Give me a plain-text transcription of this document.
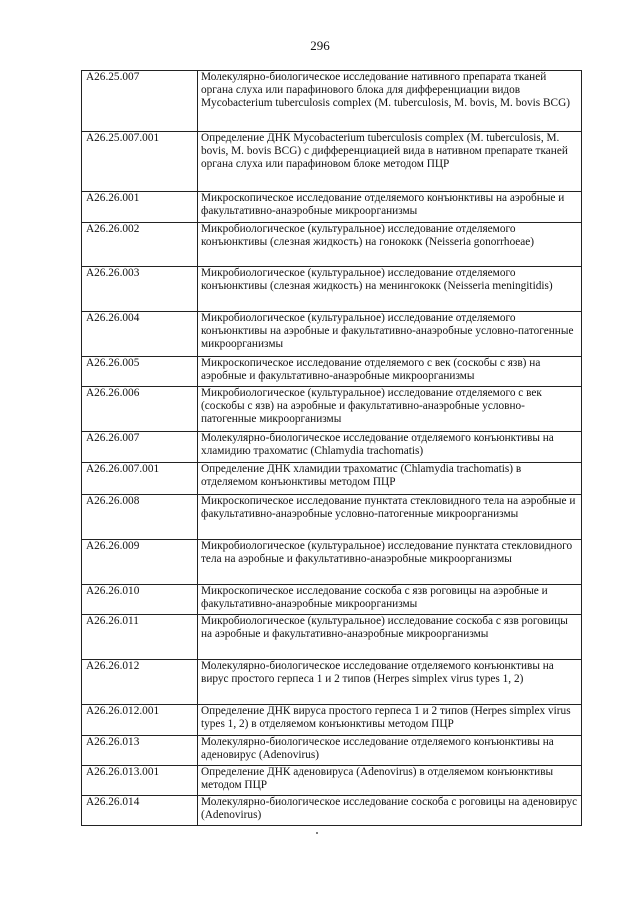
296
A26.25.007	Молекулярно-биологическое исследование нативного препарата тканей органа слуха или парафинового блока для дифференциации видов Mycobacterium tuberculosis complex (M. tuberculosis, M. bovis, M. bovis BCG)
A26.25.007.001	Определение ДНК Mycobacterium tuberculosis complex (M. tuberculosis, M. bovis, M. bovis BCG) с дифференциацией вида в нативном препарате тканей органа слуха или парафиновом блоке методом ПЦР
A26.26.001	Микроскопическое исследование отделяемого конъюнктивы на аэробные и факультативно-анаэробные микроорганизмы
A26.26.002	Микробиологическое (культуральное) исследование отделяемого конъюнктивы (слезная жидкость) на гонококк (Neisseria gonorrhoeae)
A26.26.003	Микробиологическое (культуральное) исследование отделяемого конъюнктивы (слезная жидкость) на менингококк (Neisseria meningitidis)
A26.26.004	Микробиологическое (культуральное) исследование отделяемого конъюнктивы на аэробные и факультативно-анаэробные условно-патогенные микроорганизмы
A26.26.005	Микроскопическое исследование отделяемого с век (соскобы с язв) на аэробные и факультативно-анаэробные микроорганизмы
A26.26.006	Микробиологическое (культуральное) исследование отделяемого с век (соскобы с язв) на аэробные и факультативно-анаэробные условно-патогенные микроорганизмы
A26.26.007	Молекулярно-биологическое исследование отделяемого конъюнктивы на хламидию трахоматис (Chlamydia trachomatis)
A26.26.007.001	Определение ДНК хламидии трахоматис (Chlamydia trachomatis) в отделяемом конъюнктивы методом ПЦР
A26.26.008	Микроскопическое исследование пунктата стекловидного тела на аэробные и факультативно-анаэробные условно-патогенные микроорганизмы
A26.26.009	Микробиологическое (культуральное) исследование пунктата стекловидного тела на аэробные и факультативно-анаэробные микроорганизмы
A26.26.010	Микроскопическое исследование соскоба с язв роговицы на аэробные и факультативно-анаэробные микроорганизмы
A26.26.011	Микробиологическое (культуральное) исследование соскоба с язв роговицы на аэробные и факультативно-анаэробные микроорганизмы
A26.26.012	Молекулярно-биологическое исследование отделяемого конъюнктивы на вирус простого герпеса 1 и 2 типов (Herpes simplex virus types 1, 2)
A26.26.012.001	Определение ДНК вируса простого герпеса 1 и 2 типов (Herpes simplex virus types 1, 2) в отделяемом конъюнктивы методом ПЦР
A26.26.013	Молекулярно-биологическое исследование отделяемого конъюнктивы на аденовирус (Adenovirus)
A26.26.013.001	Определение ДНК аденовируса (Adenovirus) в отделяемом конъюнктивы методом ПЦР
A26.26.014	Молекулярно-биологическое исследование соскоба с роговицы на аденовирус (Adenovirus)
